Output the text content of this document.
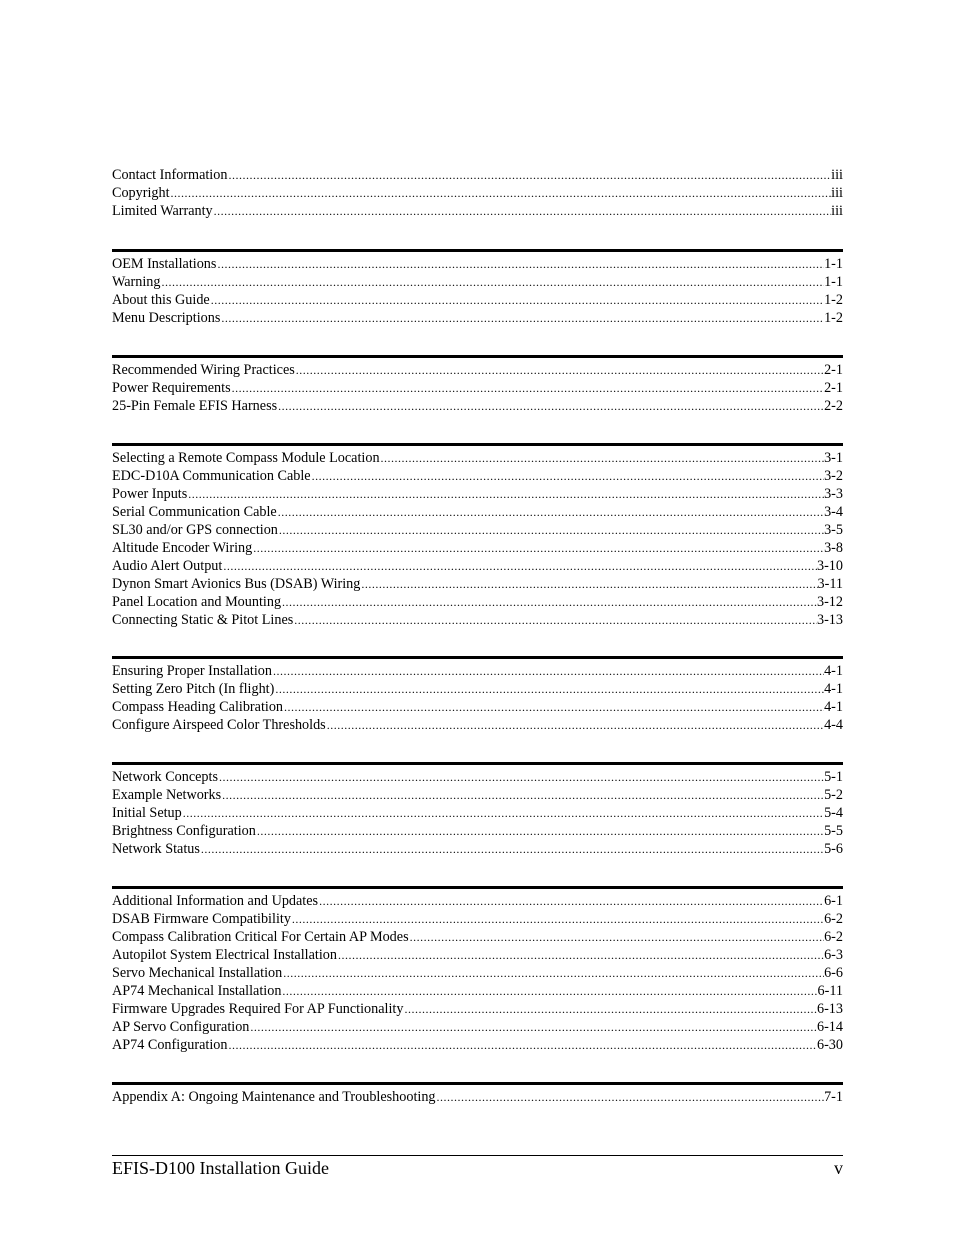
Contact Information .....	iii
Copyright .....	iii
Limited Warranty .....	iii
OEM Installations .....	1-1
Warning .....	1-1
About this Guide .....	1-2
Menu Descriptions .....	1-2
Recommended Wiring Practices .....	2-1
Power Requirements .....	2-1
25-Pin Female EFIS Harness .....	2-2
Selecting a Remote Compass Module Location .....	3-1
EDC-D10A Communication Cable .....	3-2
Power Inputs .....	3-3
Serial Communication Cable .....	3-4
SL30 and/or GPS connection .....	3-5
Altitude Encoder Wiring .....	3-8
Audio Alert Output .....	3-10
Dynon Smart Avionics Bus (DSAB) Wiring .....	3-11
Panel Location and Mounting .....	3-12
Connecting Static & Pitot Lines .....	3-13
Ensuring Proper Installation .....	4-1
Setting Zero Pitch (In flight) .....	4-1
Compass Heading Calibration .....	4-1
Configure Airspeed Color Thresholds .....	4-4
Network Concepts .....	5-1
Example Networks .....	5-2
Initial Setup .....	5-4
Brightness Configuration .....	5-5
Network Status .....	5-6
Additional Information and Updates .....	6-1
DSAB Firmware Compatibility .....	6-2
Compass Calibration Critical For Certain AP Modes .....	6-2
Autopilot System Electrical Installation .....	6-3
Servo Mechanical Installation .....	6-6
AP74 Mechanical Installation .....	6-11
Firmware Upgrades Required For AP Functionality .....	6-13
AP Servo Configuration .....	6-14
AP74 Configuration .....	6-30
Appendix A: Ongoing Maintenance and Troubleshooting .....	7-1
EFIS-D100 Installation Guide	v
